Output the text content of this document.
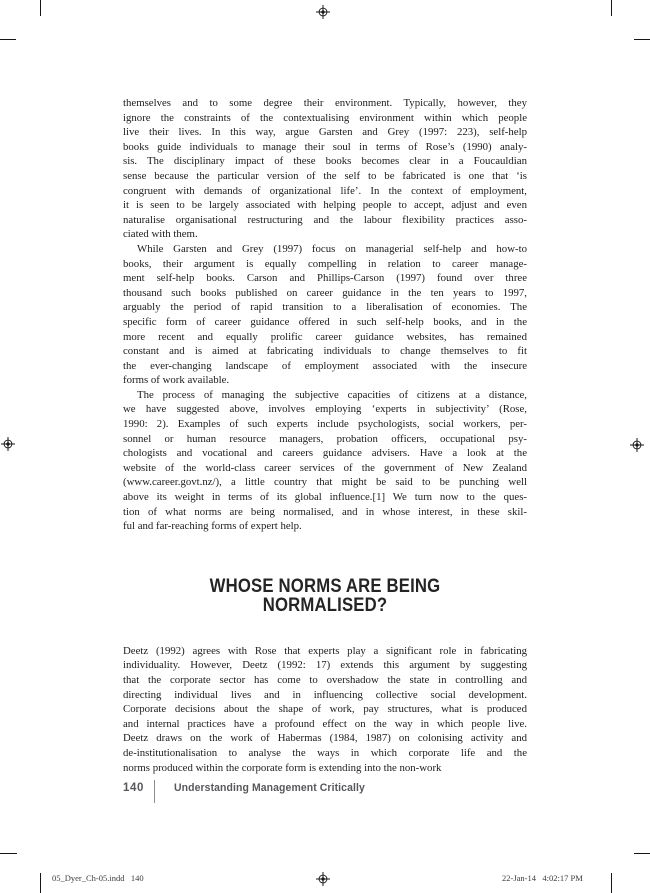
themselves and to some degree their environment. Typically, however, they
ignore the constraints of the contextualising environment within which people
live their lives. In this way, argue Garsten and Grey (1997: 223), self-help
books guide individuals to manage their soul in terms of Rose’s (1990) analy-
sis. The disciplinary impact of these books becomes clear in a Foucauldian
sense because the particular version of the self to be fabricated is one that ‘is
congruent with demands of organizational life’. In the context of employment,
it is seen to be largely associated with helping people to accept, adjust and even
naturalise organisational restructuring and the labour flexibility practices asso-
ciated with them.
While Garsten and Grey (1997) focus on managerial self-help and how-to
books, their argument is equally compelling in relation to career manage-
ment self-help books. Carson and Phillips-Carson (1997) found over three
thousand such books published on career guidance in the ten years to 1997,
arguably the period of rapid transition to a liberalisation of economies. The
specific form of career guidance offered in such self-help books, and in the
more recent and equally prolific career guidance websites, has remained
constant and is aimed at fabricating individuals to change themselves to fit
the ever-changing landscape of employment associated with the insecure
forms of work available.
The process of managing the subjective capacities of citizens at a distance,
we have suggested above, involves employing ‘experts in subjectivity’ (Rose,
1990: 2). Examples of such experts include psychologists, social workers, per-
sonnel or human resource managers, probation officers, occupational psy-
chologists and vocational and careers guidance advisers. Have a look at the
website of the world-class career services of the government of New Zealand
(www.career.govt.nz/), a little country that might be said to be punching well
above its weight in terms of its global influence.[1] We turn now to the ques-
tion of what norms are being normalised, and in whose interest, in these skil-
ful and far-reaching forms of expert help.
WHOSE NORMS ARE BEING NORMALISED?
Deetz (1992) agrees with Rose that experts play a significant role in fabricating
individuality. However, Deetz (1992: 17) extends this argument by suggesting
that the corporate sector has come to overshadow the state in controlling and
directing individual lives and in influencing collective social development.
Corporate decisions about the shape of work, pay structures, what is produced
and internal practices have a profound effect on the way in which people live.
Deetz draws on the work of Habermas (1984, 1987) on colonising activity and
de-institutionalisation to analyse the ways in which corporate life and the
norms produced within the corporate form is extending into the non-work
140	Understanding Management Critically
05_Dyer_Ch-05.indd   140	22-Jan-14   4:02:17 PM
